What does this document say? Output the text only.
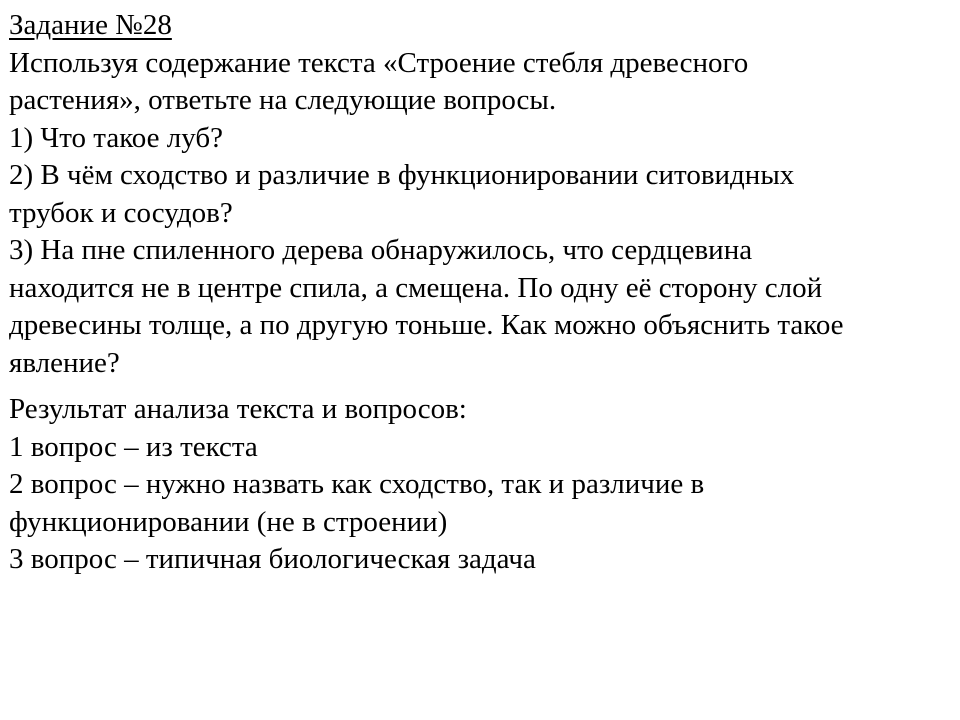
Задание №28
Используя содержание текста «Строение стебля древесного
растения», ответьте на следующие вопросы.
1) Что такое луб?
2) В чём сходство и различие в функционировании ситовидных
трубок и сосудов?
3) На пне спиленного дерева обнаружилось, что сердцевина
находится не в центре спила, а смещена. По одну её сторону слой
древесины толще, а по другую тоньше. Как можно объяснить такое
явление?
Результат анализа текста и вопросов:
1 вопрос – из текста
2 вопрос – нужно назвать как сходство, так и различие в
функционировании (не в строении)
3 вопрос – типичная биологическая задача
